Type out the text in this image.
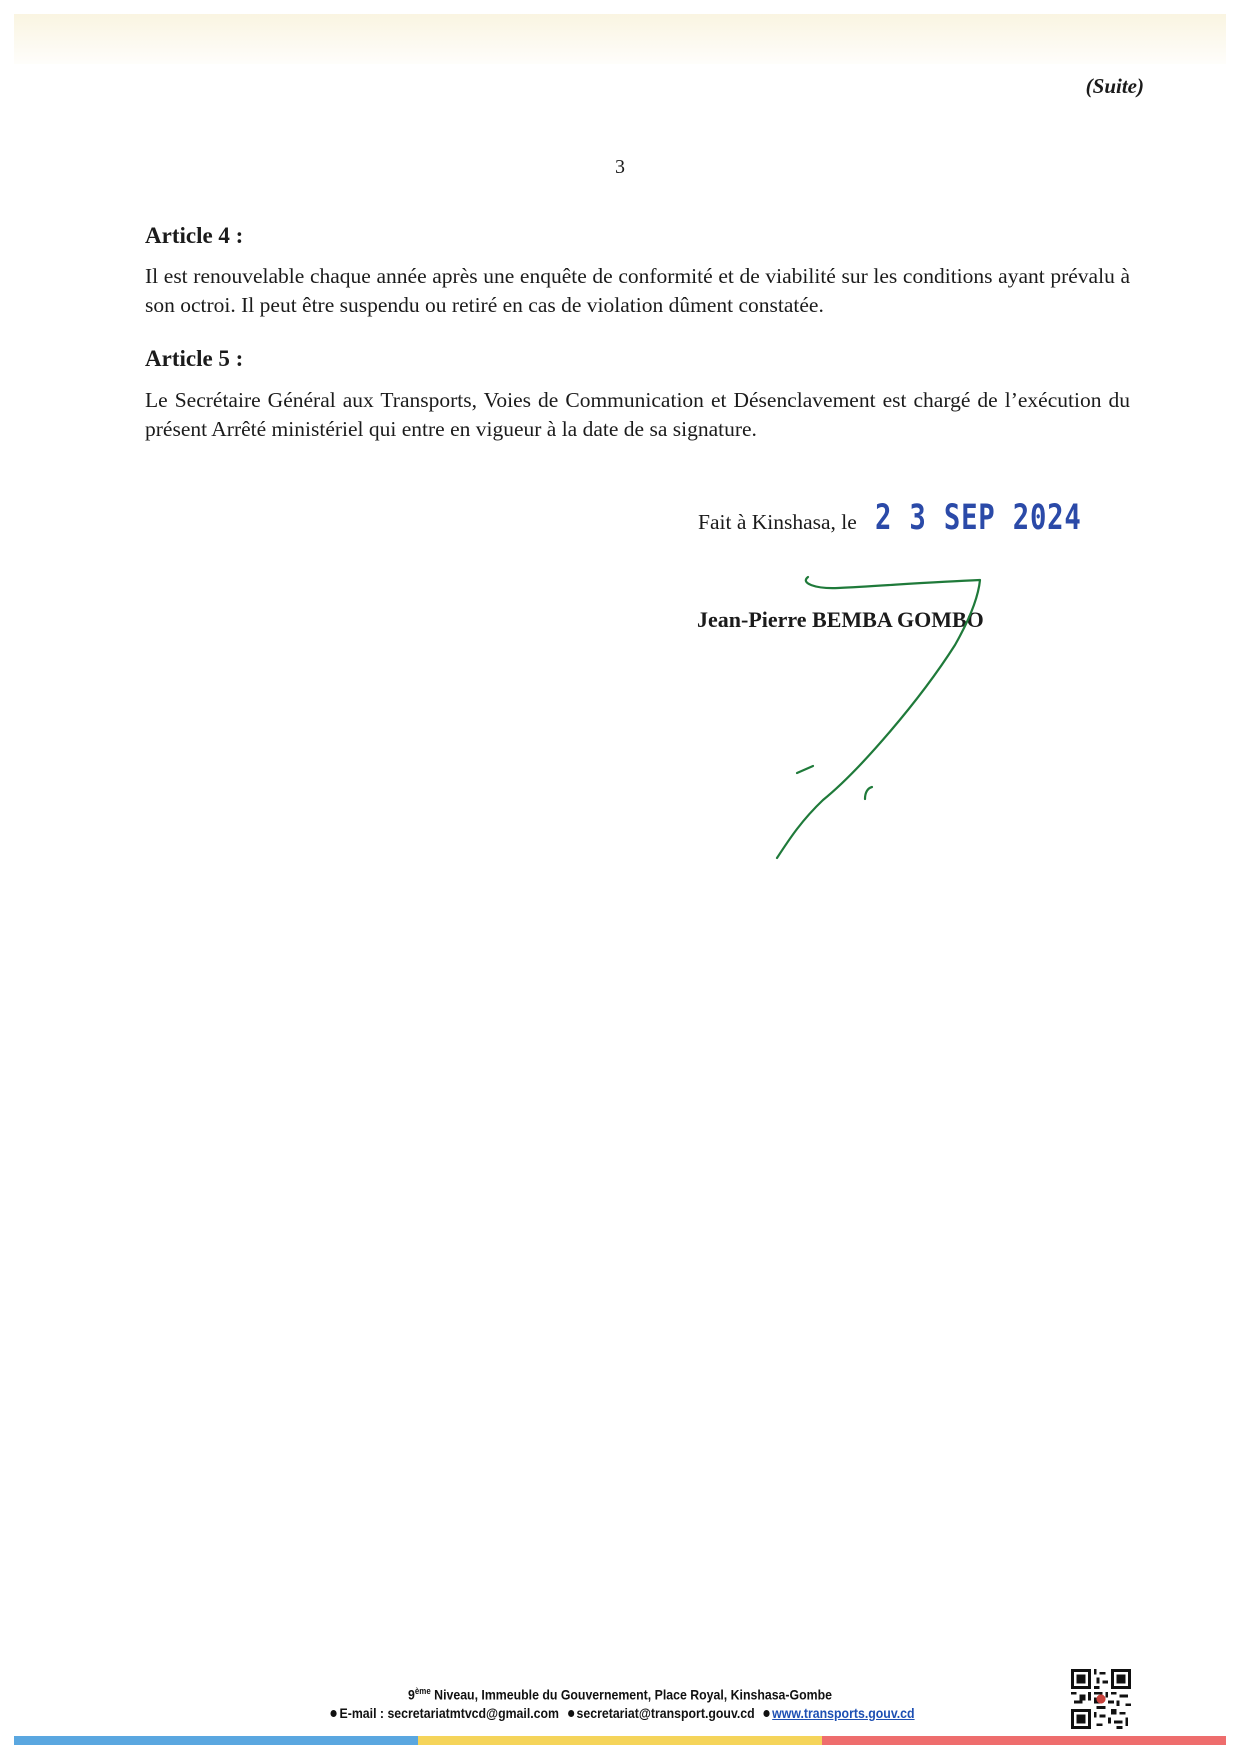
(Suite)
3
Article 4 :
Il est renouvelable chaque année après une enquête de conformité et de viabilité sur les conditions ayant prévalu à son octroi. Il peut être suspendu ou retiré en cas de violation dûment constatée.
Article 5 :
Le Secrétaire Général aux Transports, Voies de Communication et Désenclavement est chargé de l’exécution du présent Arrêté ministériel qui entre en vigueur à la date de sa signature.
Fait à Kinshasa, le 2 3 SEP 2024
Jean-Pierre BEMBA GOMBO
9ème Niveau, Immeuble du Gouvernement, Place Royal, Kinshasa-Gombe
E-mail : secretariatmtvcd@gmail.com secretariat@transport.gouv.cd www.transports.gouv.cd
